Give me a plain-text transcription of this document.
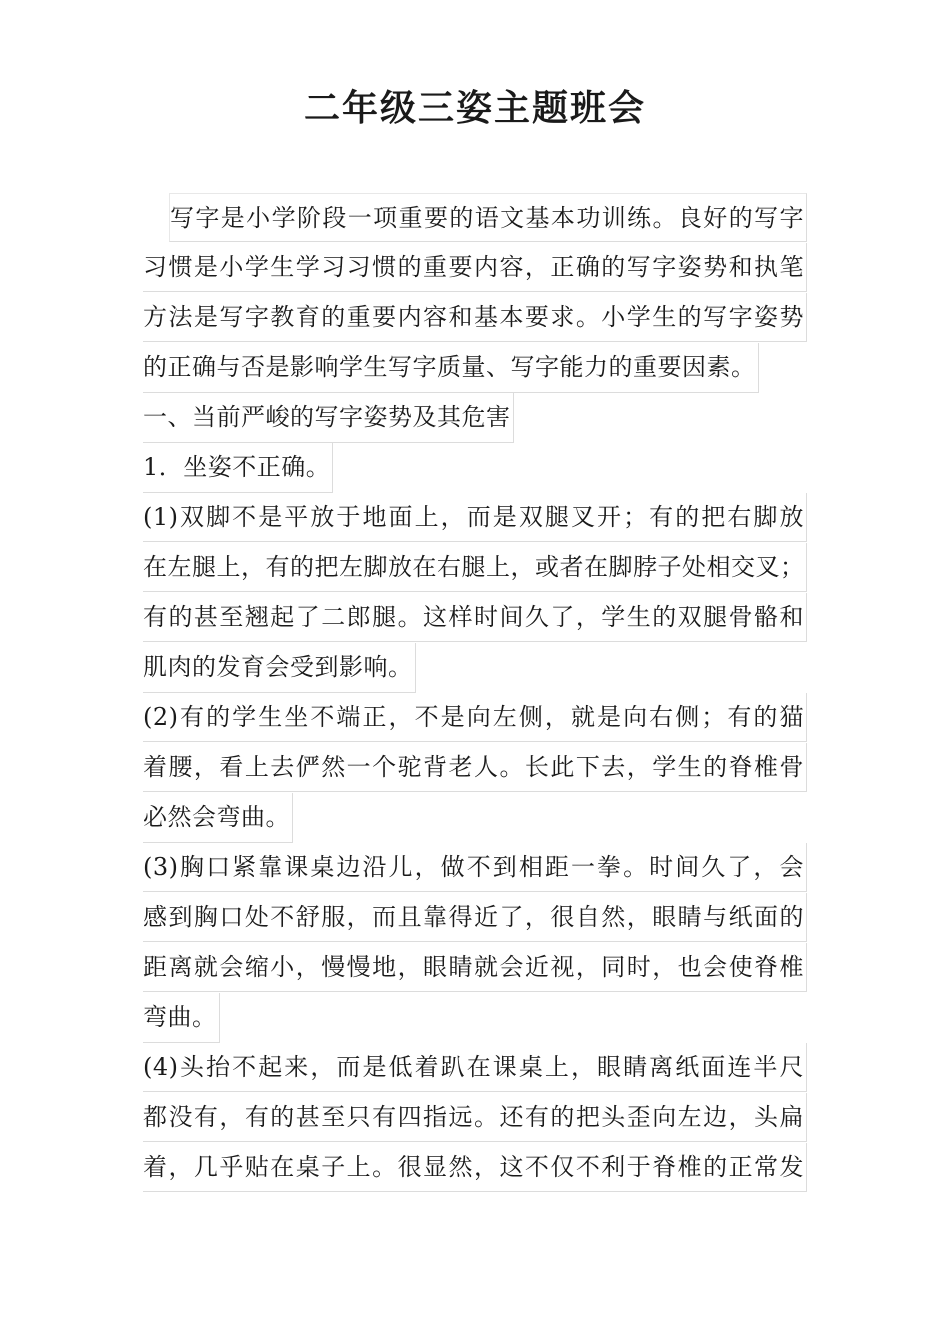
二年级三姿主题班会
写字是小学阶段一项重要的语文基本功训练。良好的写字
习惯是小学生学习习惯的重要内容，正确的写字姿势和执笔
方法是写字教育的重要内容和基本要求。小学生的写字姿势
的正确与否是影响学生写字质量、写字能力的重要因素。
一、当前严峻的写字姿势及其危害
1．坐姿不正确。
(1)双脚不是平放于地面上，而是双腿叉开；有的把右脚放
在左腿上，有的把左脚放在右腿上，或者在脚脖子处相交叉；
有的甚至翘起了二郎腿。这样时间久了，学生的双腿骨骼和
肌肉的发育会受到影响。
(2)有的学生坐不端正，不是向左侧，就是向右侧；有的猫
着腰，看上去俨然一个驼背老人。长此下去，学生的脊椎骨
必然会弯曲。
(3)胸口紧靠课桌边沿儿，做不到相距一拳。时间久了，会
感到胸口处不舒服，而且靠得近了，很自然，眼睛与纸面的
距离就会缩小，慢慢地，眼睛就会近视，同时，也会使脊椎
弯曲。
(4)头抬不起来，而是低着趴在课桌上，眼睛离纸面连半尺
都没有，有的甚至只有四指远。还有的把头歪向左边，头扁
着，几乎贴在桌子上。很显然，这不仅不利于脊椎的正常发
